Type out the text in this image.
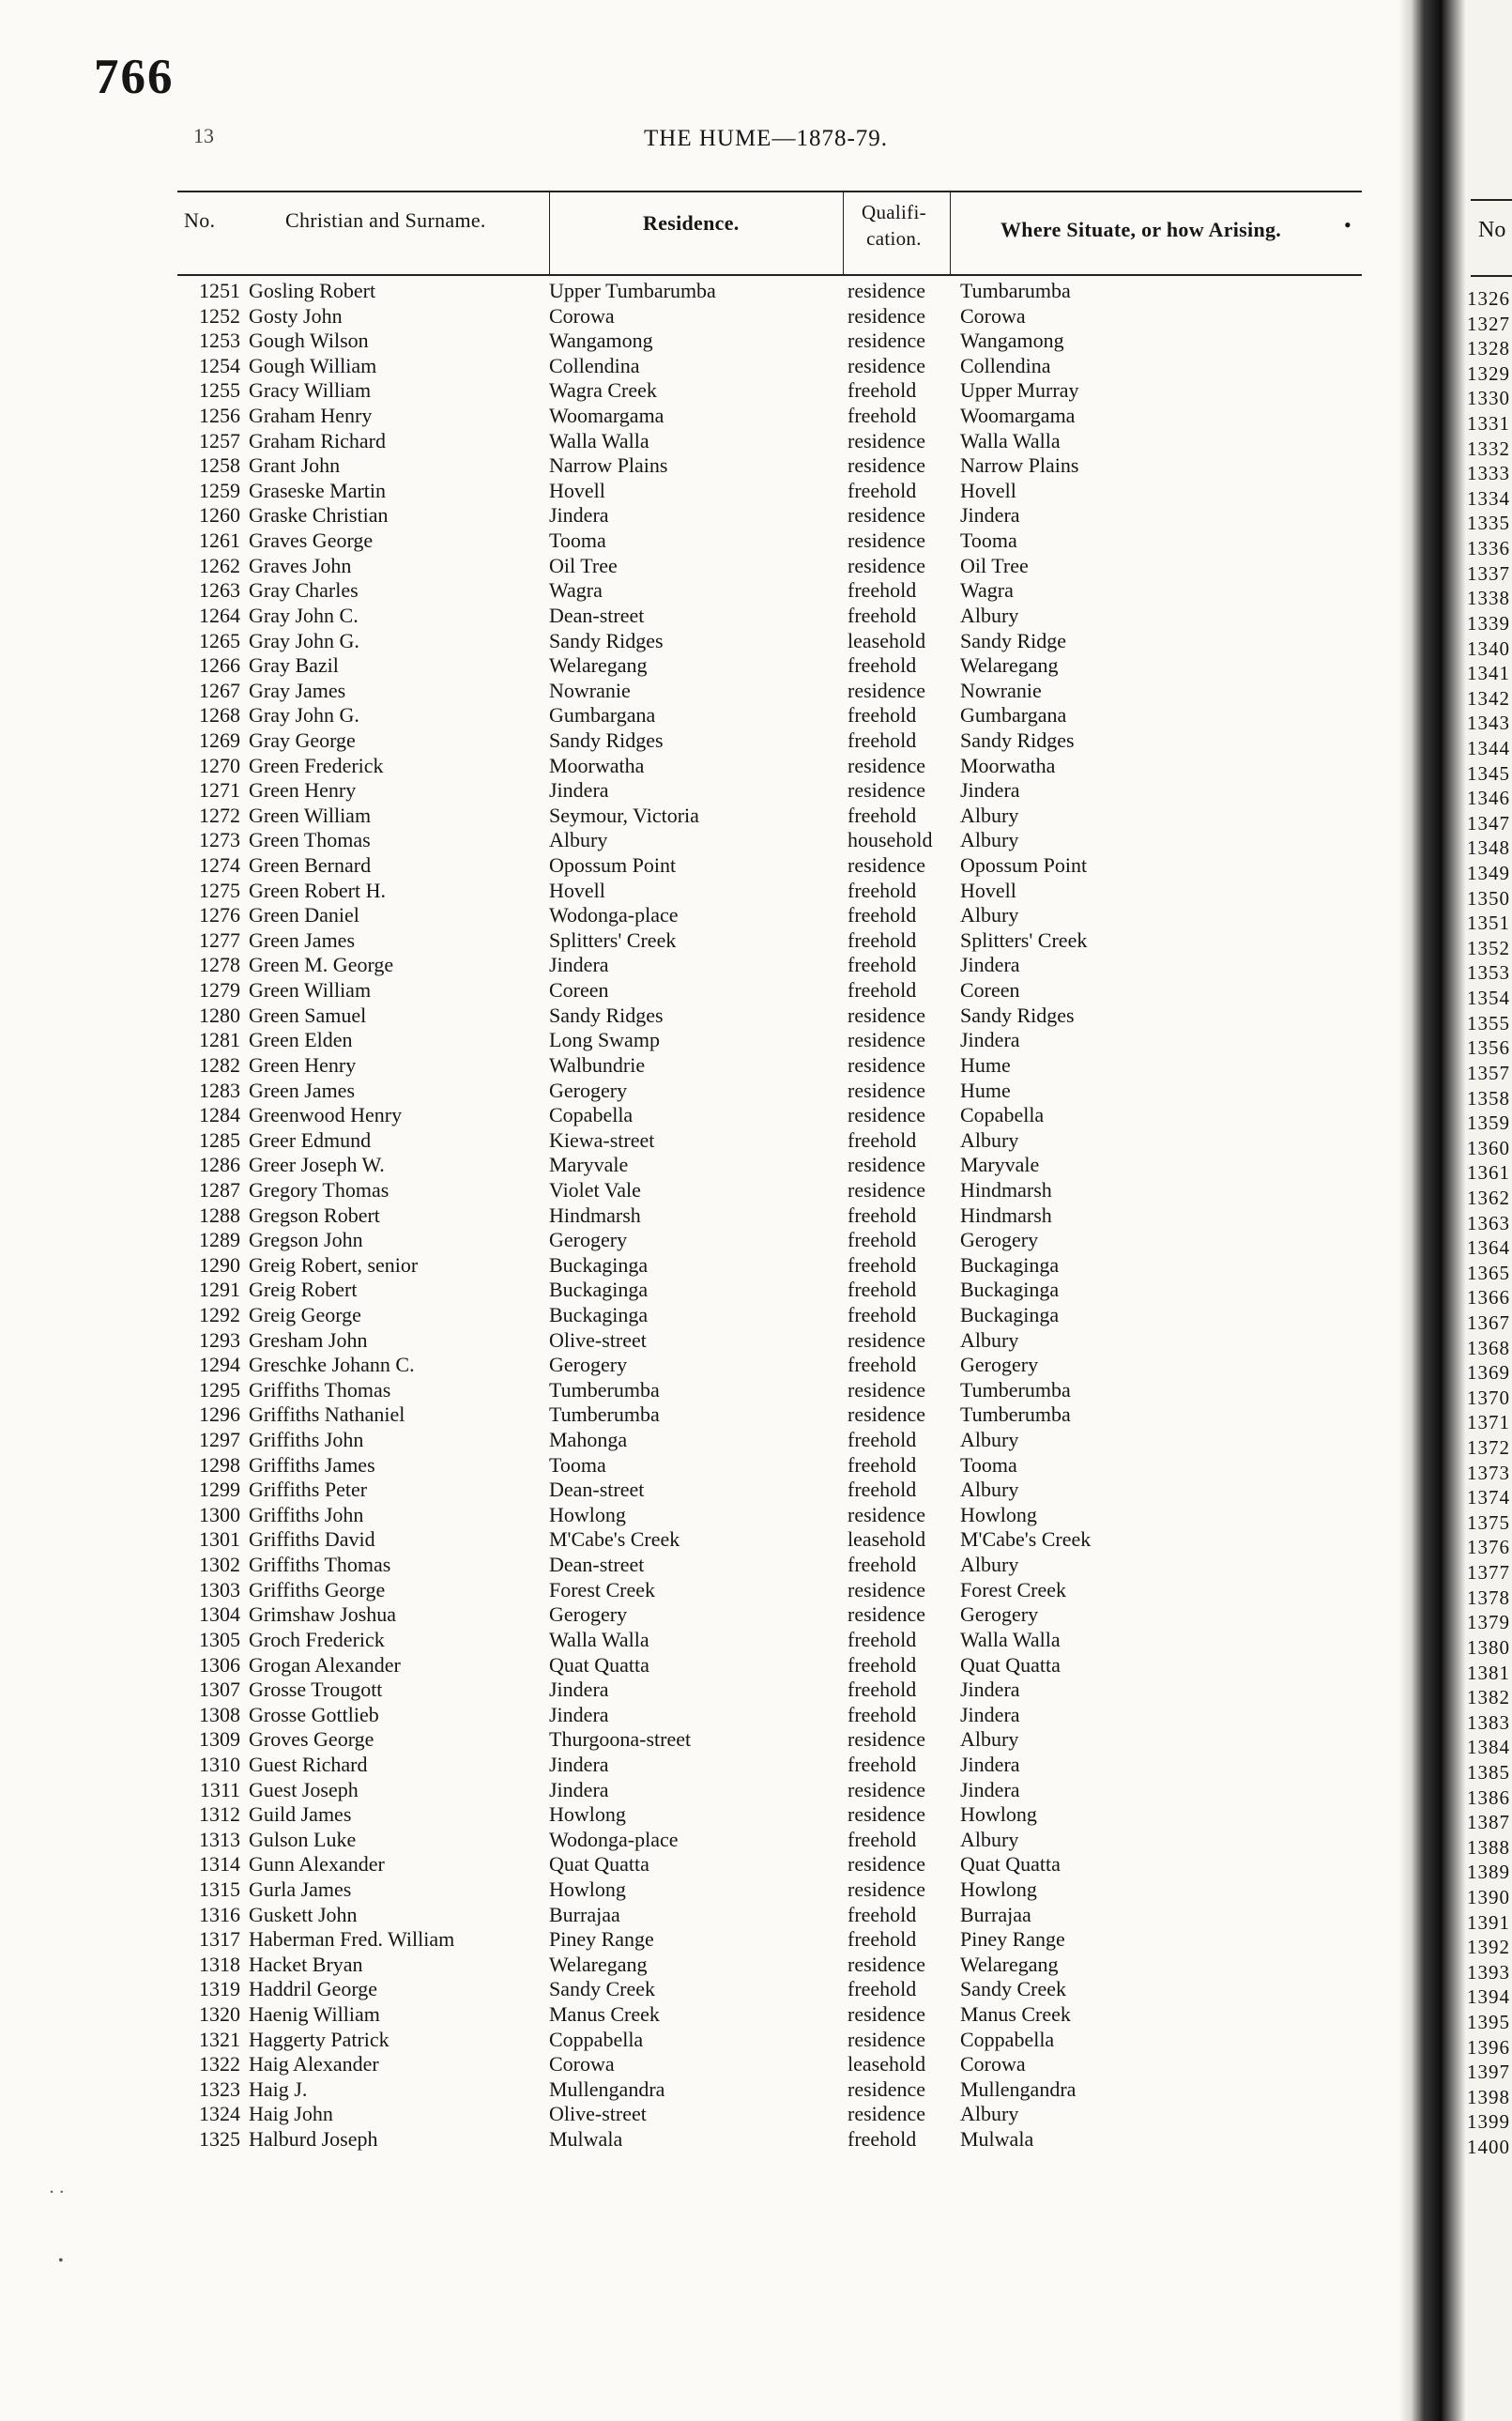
766
13	THE HUME—1878-79.
No.	Christian and Surname.	Residence.	Qualifi-
cation.	Where Situate, or how Arising.	•
1251 Gosling Robert	Upper Tumbarumba	residence Tumbarumba
1252 Gosty John	Corowa	residence Corowa
1253 Gough Wilson	Wangamong	residence Wangamong
1254 Gough William	Collendina	residence Collendina
1255 Gracy William	Wagra Creek	freehold Upper Murray
1256 Graham Henry	Woomargama	freehold Woomargama
1257 Graham Richard	Walla Walla	residence Walla Walla
1258 Grant John	Narrow Plains	residence Narrow Plains
1259 Graseske Martin	Hovell	freehold Hovell
1260 Graske Christian	Jindera	residence Jindera
1261 Graves George	Tooma	residence Tooma
1262 Graves John	Oil Tree	residence Oil Tree
1263 Gray Charles	Wagra	freehold Wagra
1264 Gray John C.	Dean-street	freehold Albury
1265 Gray John G.	Sandy Ridges	leasehold Sandy Ridge
1266 Gray Bazil	Welaregang	freehold Welaregang
1267 Gray James	Nowranie	residence Nowranie
1268 Gray John G.	Gumbargana	freehold Gumbargana
1269 Gray George	Sandy Ridges	freehold Sandy Ridges
1270 Green Frederick	Moorwatha	residence Moorwatha
1271 Green Henry	Jindera	residence Jindera
1272 Green William	Seymour, Victoria	freehold Albury
1273 Green Thomas	Albury	household Albury
1274 Green Bernard	Opossum Point	residence Opossum Point
1275 Green Robert H.	Hovell	freehold Hovell
1276 Green Daniel	Wodonga-place	freehold Albury
1277 Green James	Splitters' Creek	freehold Splitters' Creek
1278 Green M. George	Jindera	freehold Jindera
1279 Green William	Coreen	freehold Coreen
1280 Green Samuel	Sandy Ridges	residence Sandy Ridges
1281 Green Elden	Long Swamp	residence Jindera
1282 Green Henry	Walbundrie	residence Hume
1283 Green James	Gerogery	residence Hume
1284 Greenwood Henry	Copabella	residence Copabella
1285 Greer Edmund	Kiewa-street	freehold Albury
1286 Greer Joseph W.	Maryvale	residence Maryvale
1287 Gregory Thomas	Violet Vale	residence Hindmarsh
1288 Gregson Robert	Hindmarsh	freehold Hindmarsh
1289 Gregson John	Gerogery	freehold Gerogery
1290 Greig Robert, senior	Buckaginga	freehold Buckaginga
1291 Greig Robert	Buckaginga	freehold Buckaginga
1292 Greig George	Buckaginga	freehold Buckaginga
1293 Gresham John	Olive-street	residence Albury
1294 Greschke Johann C.	Gerogery	freehold Gerogery
1295 Griffiths Thomas	Tumberumba	residence Tumberumba
1296 Griffiths Nathaniel	Tumberumba	residence Tumberumba
1297 Griffiths John	Mahonga	freehold Albury
1298 Griffiths James	Tooma	freehold Tooma
1299 Griffiths Peter	Dean-street	freehold Albury
1300 Griffiths John	Howlong	residence Howlong
1301 Griffiths David	M'Cabe's Creek	leasehold M'Cabe's Creek
1302 Griffiths Thomas	Dean-street	freehold Albury
1303 Griffiths George	Forest Creek	residence Forest Creek
1304 Grimshaw Joshua	Gerogery	residence Gerogery
1305 Groch Frederick	Walla Walla	freehold Walla Walla
1306 Grogan Alexander	Quat Quatta	freehold Quat Quatta
1307 Grosse Trougott	Jindera	freehold Jindera
1308 Grosse Gottlieb	Jindera	freehold Jindera
1309 Groves George	Thurgoona-street	residence Albury
1310 Guest Richard	Jindera	freehold Jindera
1311 Guest Joseph	Jindera	residence Jindera
1312 Guild James	Howlong	residence Howlong
1313 Gulson Luke	Wodonga-place	freehold Albury
1314 Gunn Alexander	Quat Quatta	residence Quat Quatta
1315 Gurla James	Howlong	residence Howlong
1316 Guskett John	Burrajaa	freehold Burrajaa
1317 Haberman Fred. William	Piney Range	freehold Piney Range
1318 Hacket Bryan	Welaregang	residence Welaregang
1319 Haddril George	Sandy Creek	freehold Sandy Creek
1320 Haenig William	Manus Creek	residence Manus Creek
1321 Haggerty Patrick	Coppabella	residence Coppabella
1322 Haig Alexander	Corowa	leasehold Corowa
1323 Haig J.	Mullengandra	residence Mullengandra
1324 Haig John	Olive-street	residence Albury
1325 Halburd Joseph	Mulwala	freehold Mulwala
⋅ ⋅
•
No
1326
1327
1328
1329
1330
1331
1332
1333
1334
1335
1336
1337
1338
1339
1340
1341
1342
1343
1344
1345
1346
1347
1348
1349
1350
1351
1352
1353
1354
1355
1356
1357
1358
1359
1360
1361
1362
1363
1364
1365
1366
1367
1368
1369
1370
1371
1372
1373
1374
1375
1376
1377
1378
1379
1380
1381
1382
1383
1384
1385
1386
1387
1388
1389
1390
1391
1392
1393
1394
1395
1396
1397
1398
1399
1400
